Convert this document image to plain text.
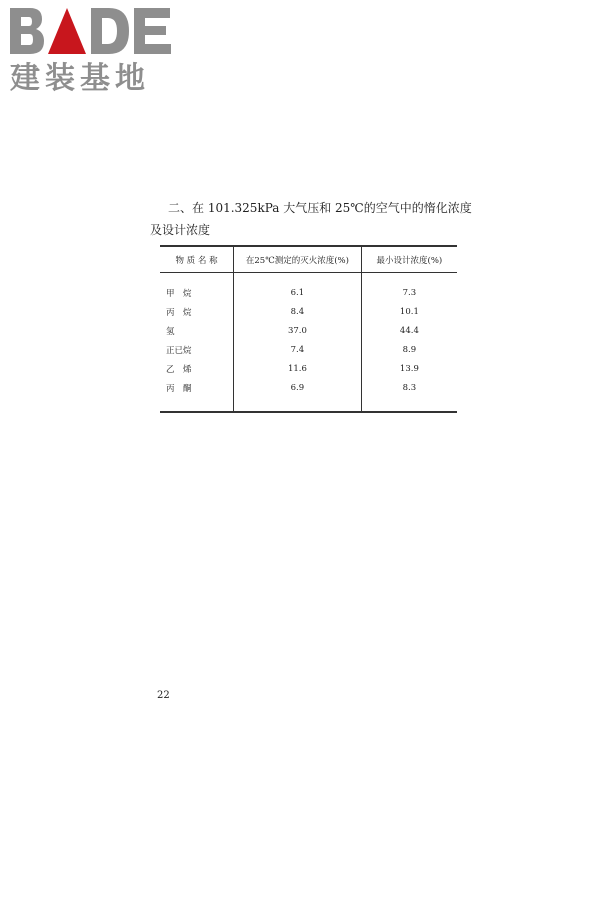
建装基地
二、在 101.325kPa 大气压和 25℃的空气中的惰化浓度及设计浓度
物 质 名 称	在25℃测定的灭火浓度(%)	最小设计浓度(%)

甲　烷	6.1	7.3
丙　烷	8.4	10.1
氢	37.0	44.4
正已烷	7.4	8.9
乙　烯	11.6	13.9
丙　酮	6.9	8.3

22
